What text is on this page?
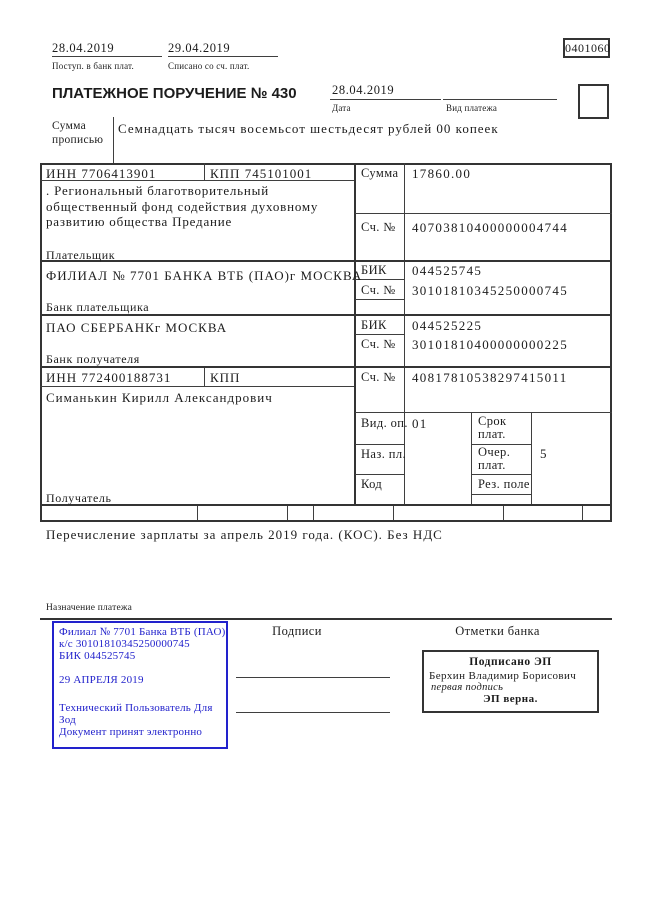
28.04.2019
Поступ. в банк плат.
29.04.2019
Списано со сч. плат.
0401060
ПЛАТЕЖНОЕ ПОРУЧЕНИЕ № 430	28.04.2019
Дата	Вид платежа
Сумма прописью
Семнадцать тысяч восемьсот шестьдесят рублей 00 копеек
ИНН 7706413901	КПП 745101001
. Региональный благотворительный
общественный фонд содействия духовному
развитию общества Предание
Плательщик
Сумма 17860.00
Сч. № 40703810400000004744
ФИЛИАЛ № 7701 БАНКА ВТБ (ПАО)г МОСКВА
БИК 044525745
Сч. № 30101810345250000745
Банк плательщика
ПАО СБЕРБАНКг МОСКВА	БИК 044525225
Сч. № 30101810400000000225
Банк получателя
ИНН 772400188731	КПП	Сч. № 40817810538297415011
Симанькин Кирилл Александрович
Получатель
Вид. оп. 01	Срок
плат.
Наз. пл.	Очер.
плат.
5
Код	Рез. поле
Перечисление зарплаты за апрель 2019 года. (КОС). Без НДС
Назначение платежа
Филиал № 7701 Банка ВТБ (ПАО)
к/с 30101810345250000745
БИК 044525745
29 АПРЕЛЯ 2019
Технический Пользователь Для
Зод
Документ принят электронно
Подписи	Отметки банка
Подписано ЭП
Берхин Владимир Борисович
первая подпись
ЭП верна.
